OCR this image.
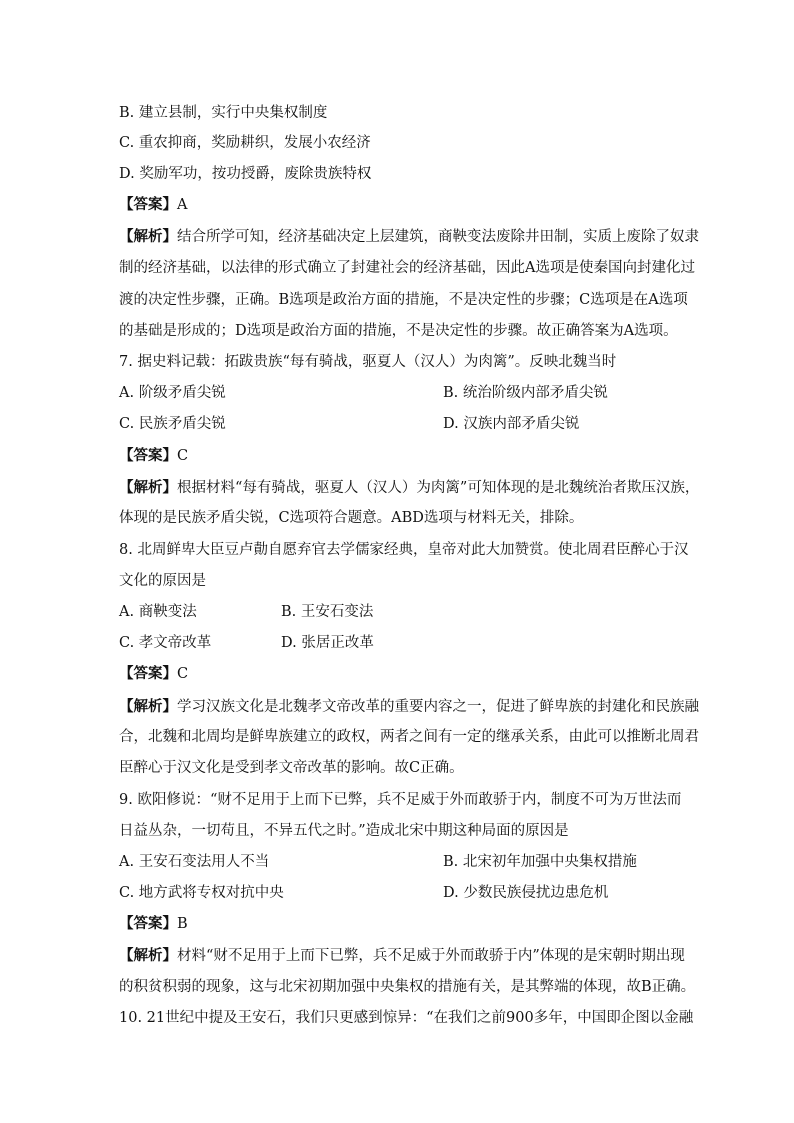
B. 建立县制，实行中央集权制度
C. 重农抑商，奖励耕织，发展小农经济
D. 奖励军功，按功授爵，废除贵族特权
【答案】A
【解析】结合所学可知，经济基础决定上层建筑，商鞅变法废除井田制，实质上废除了奴隶
制的经济基础，以法律的形式确立了封建社会的经济基础，因此A选项是使秦国向封建化过
渡的决定性步骤，正确。B选项是政治方面的措施，不是决定性的步骤；C选项是在A选项
的基础是形成的；D选项是政治方面的措施，不是决定性的步骤。故正确答案为A选项。
7. 据史料记载：拓跋贵族“每有骑战，驱夏人（汉人）为肉篱”。反映北魏当时
A. 阶级矛盾尖锐	B. 统治阶级内部矛盾尖锐
C. 民族矛盾尖锐	D. 汉族内部矛盾尖锐
【答案】C
【解析】根据材料“每有骑战，驱夏人（汉人）为肉篱”可知体现的是北魏统治者欺压汉族，
体现的是民族矛盾尖锐，C选项符合题意。ABD选项与材料无关，排除。
8. 北周鲜卑大臣豆卢勣自愿弃官去学儒家经典，皇帝对此大加赞赏。使北周君臣醉心于汉
文化的原因是
A. 商鞅变法	B. 王安石变法
C. 孝文帝改革	D. 张居正改革
【答案】C
【解析】学习汉族文化是北魏孝文帝改革的重要内容之一，促进了鲜卑族的封建化和民族融
合，北魏和北周均是鲜卑族建立的政权，两者之间有一定的继承关系，由此可以推断北周君
臣醉心于汉文化是受到孝文帝改革的影响。故C正确。
9. 欧阳修说：“财不足用于上而下已弊，兵不足威于外而敢骄于内，制度不可为万世法而
日益丛杂，一切苟且，不异五代之时。”造成北宋中期这种局面的原因是
A. 王安石变法用人不当	B. 北宋初年加强中央集权措施
C. 地方武将专权对抗中央	D. 少数民族侵扰边患危机
【答案】B
【解析】材料“财不足用于上而下已弊，兵不足威于外而敢骄于内”体现的是宋朝时期出现
的积贫积弱的现象，这与北宋初期加强中央集权的措施有关，是其弊端的体现，故B正确。
10. 21世纪中提及王安石，我们只更感到惊异：“在我们之前900多年，中国即企图以金融
